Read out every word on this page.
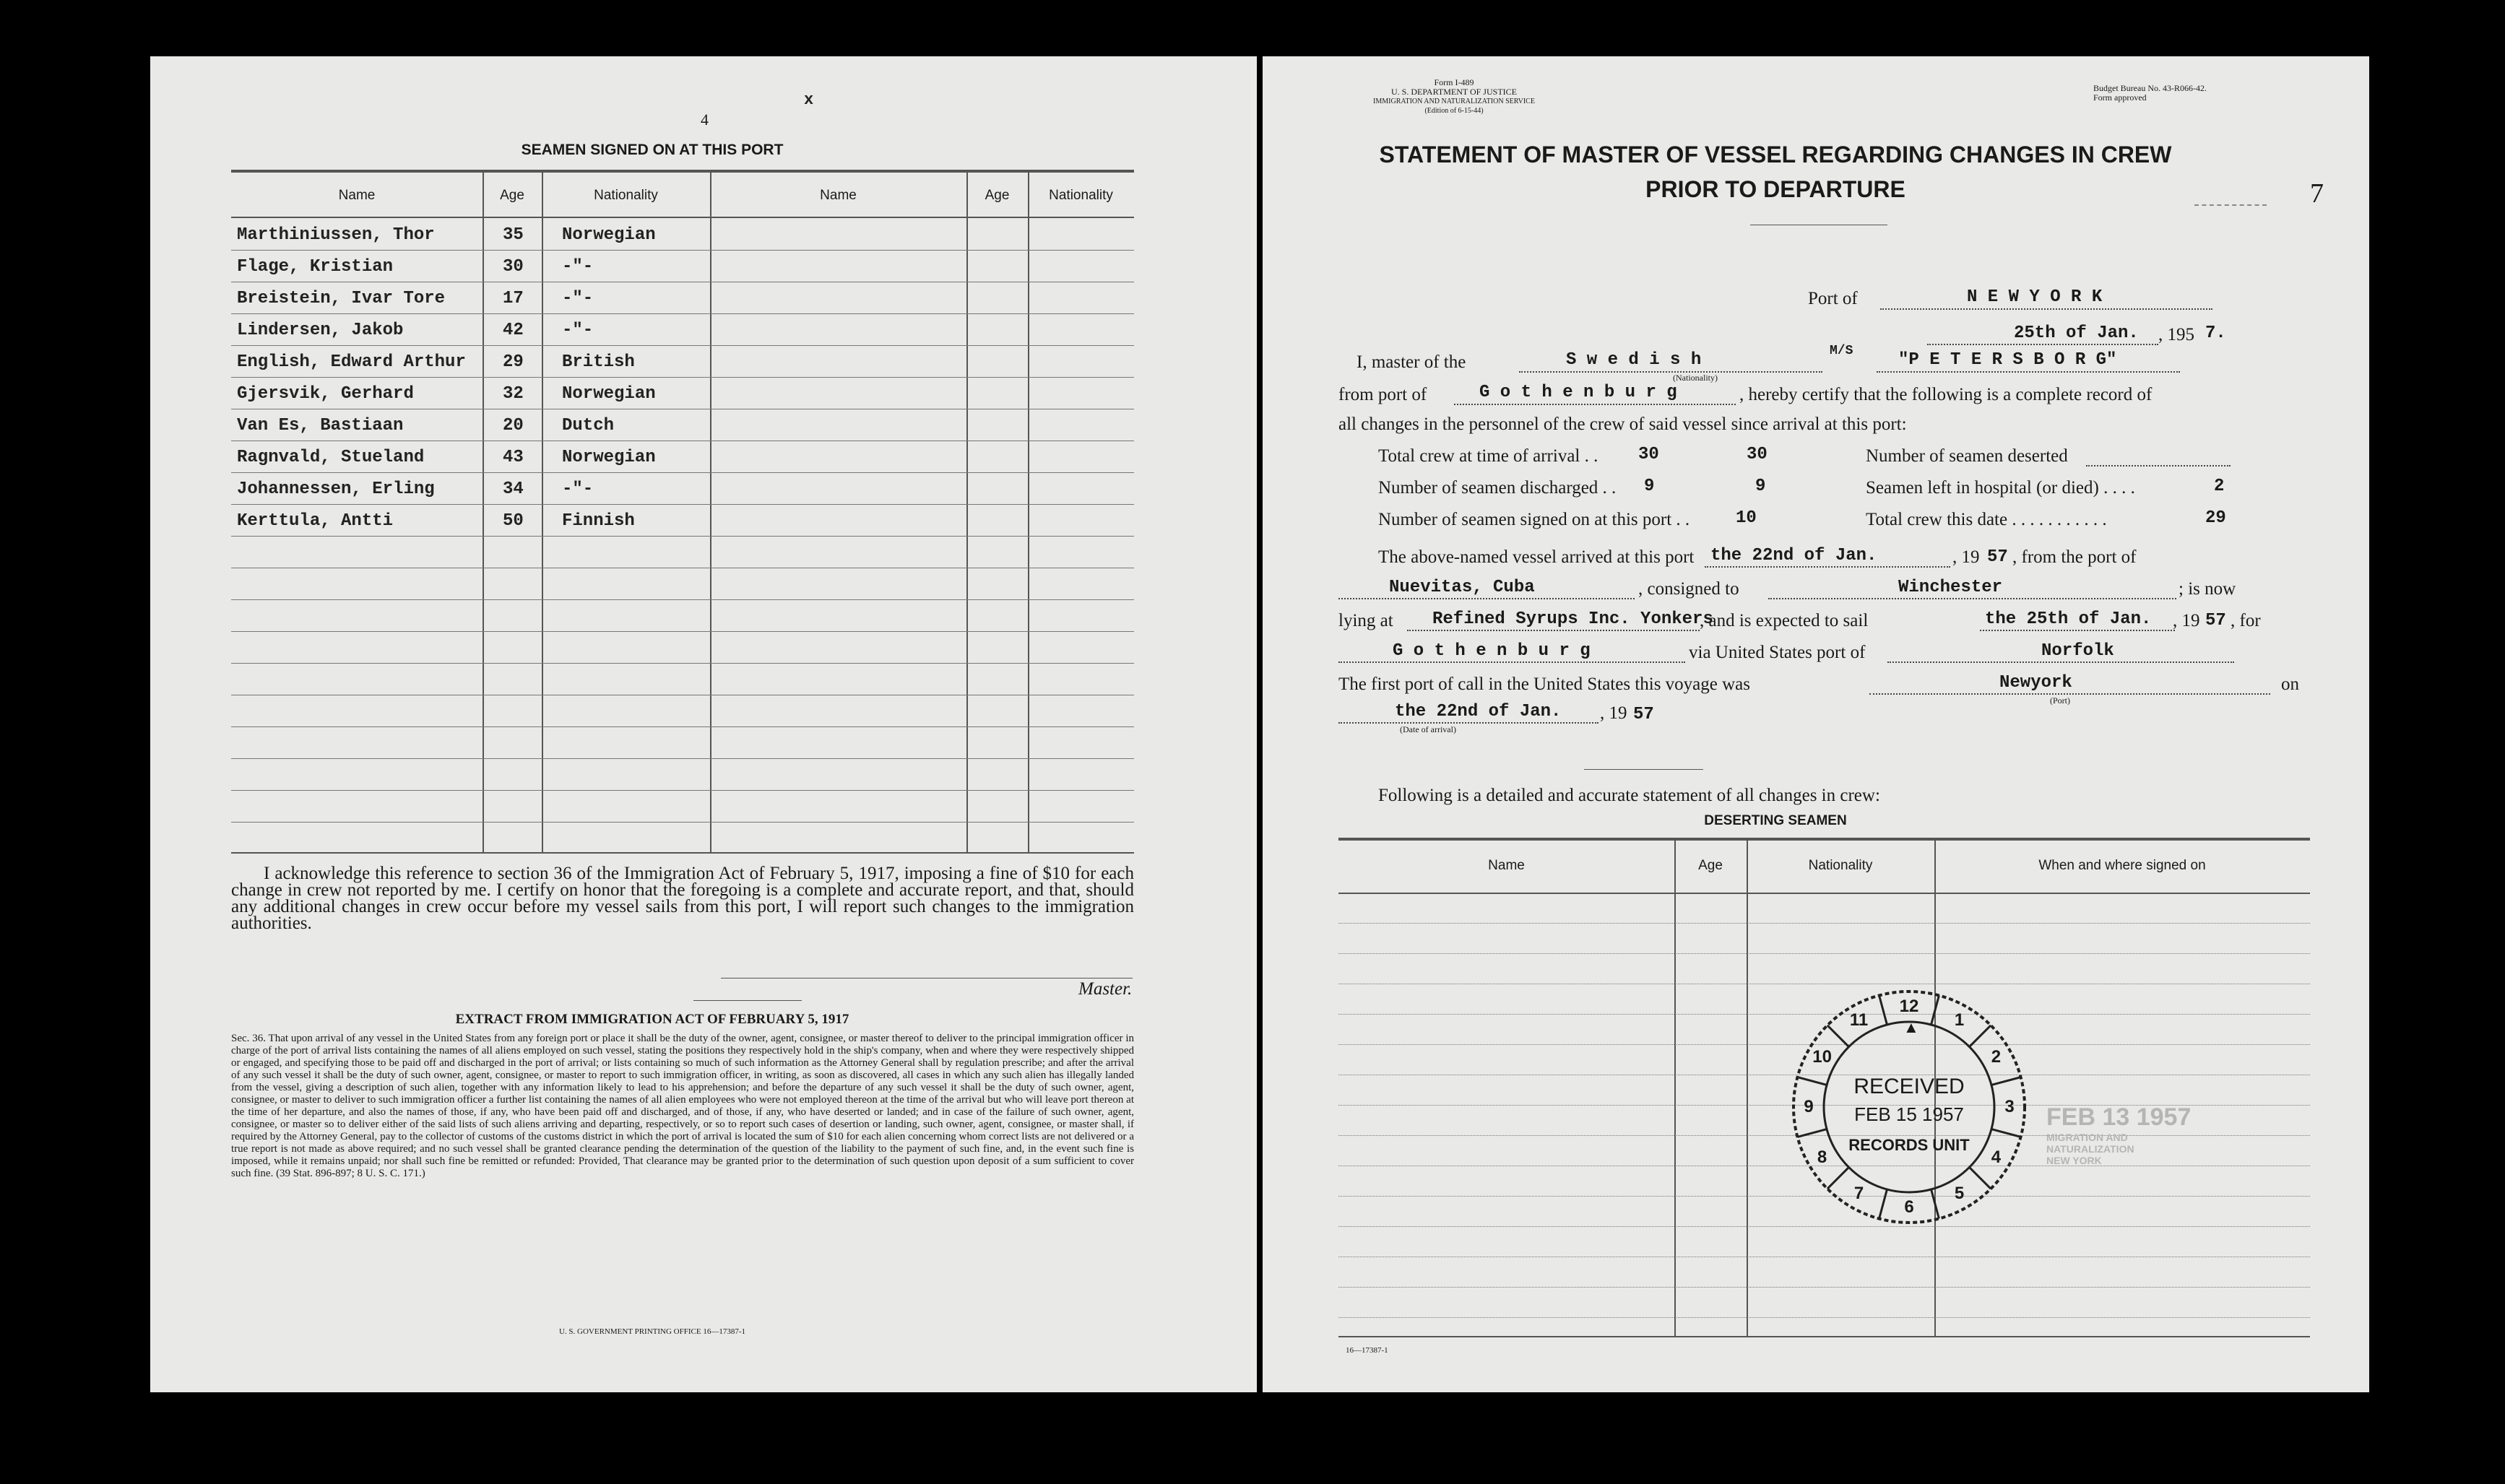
4
x
SEAMEN SIGNED ON AT THIS PORT
Name	Age	Nationality	Name	Age	Nationality
Marthiniussen, Thor	35 Norwegian
Flage, Kristian	30 -"-
Breistein, Ivar Tore	17 -"-
Lindersen, Jakob	42 -"-
English, Edward Arthur 29 British
Gjersvik, Gerhard	32 Norwegian
Van Es, Bastiaan	20 Dutch
Ragnvald, Stueland	43 Norwegian
Johannessen, Erling	34 -"-
Kerttula, Antti	50 Finnish
I acknowledge this reference to section 36 of the Immigration Act of February 5, 1917, imposing a fine of $10 for each change in crew not reported by me. I certify on honor that the foregoing is a complete and accurate report, and that, should any additional changes in crew occur before my vessel sails from this port, I will report such changes to the immigration authorities.
Master.
EXTRACT FROM IMMIGRATION ACT OF FEBRUARY 5, 1917
Sec. 36. That upon arrival of any vessel in the United States from any foreign port or place it shall be the duty of the owner, agent, consignee, or master thereof to deliver to the principal immigration officer in charge of the port of arrival lists containing the names of all aliens employed on such vessel, stating the positions they respectively hold in the ship's company, when and where they were respectively shipped or engaged, and specifying those to be paid off and discharged in the port of arrival; or lists containing so much of such information as the Attorney General shall by regulation prescribe; and after the arrival of any such vessel it shall be the duty of such owner, agent, consignee, or master to report to such immigration officer, in writing, as soon as discovered, all cases in which any such alien has illegally landed from the vessel, giving a description of such alien, together with any information likely to lead to his apprehension; and before the departure of any such vessel it shall be the duty of such owner, agent, consignee, or master to deliver to such immigration officer a further list containing the names of all alien employees who were not employed thereon at the time of the arrival but who will leave port thereon at the time of her departure, and also the names of those, if any, who have been paid off and discharged, and of those, if any, who have deserted or landed; and in case of the failure of such owner, agent, consignee, or master so to deliver either of the said lists of such aliens arriving and departing, respectively, or so to report such cases of desertion or landing, such owner, agent, consignee, or master shall, if required by the Attorney General, pay to the collector of customs of the customs district in which the port of arrival is located the sum of $10 for each alien concerning whom correct lists are not delivered or a true report is not made as above required; and no such vessel shall be granted clearance pending the determination of the question of the liability to the payment of such fine, and, in the event such fine is imposed, while it remains unpaid; nor shall such fine be remitted or refunded: Provided, That clearance may be granted prior to the determination of such question upon deposit of a sum sufficient to cover such fine. (39 Stat. 896-897; 8 U. S. C. 171.)
U. S. GOVERNMENT PRINTING OFFICE 16—17387-1
Form I-489
U. S. DEPARTMENT OF JUSTICE
IMMIGRATION AND NATURALIZATION SERVICE
(Edition of 6-15-44)
Budget Bureau No. 43-R066-42.
Form approved
7
STATEMENT OF MASTER OF VESSEL REGARDING CHANGES IN CREW
PRIOR TO DEPARTURE
Port of	N E W Y O R K
25th of Jan. , 195 7.
I, master of the	S w e d i s h
(Nationality)
M/S	"P E T E R S B O R G"
from port of	G o t h e n b u r g	, hereby certify that the following is a complete record of
all changes in the personnel of the crew of said vessel since arrival at this port:
Total crew at time of arrival . . 30	30	Number of seamen deserted
Number of seamen discharged . . 9	9	Seamen left in hospital (or died) . . . .	2
Number of seamen signed on at this port . .	10	Total crew this date . . . . . . . . . . .	29
The above-named vessel arrived at this port the 22nd of Jan.	, 19 57 , from the port of
Nuevitas, Cuba	, consigned to	Winchester	; is now
lying at Refined Syrups Inc. Yonkers
, and is expected to sail	the 25th of Jan. , 19 57 , for
G o t h e n b u r g	via United States port of	Norfolk
The first port of call in the United States this voyage was	Newyork
(Port)
on
the 22nd of Jan.
(Date of arrival)
, 19 57
Following is a detailed and accurate statement of all changes in crew:
DESERTING SEAMEN
Name	Age	Nationality	When and where signed on
16—17387-1
FEB 13 1957
MIGRATION AND NATURALIZATION
NEW YORK
12
1
2
3
4
5
6
7
8
9
10
11
RECEIVED
FEB 15 1957
RECORDS UNIT
▲
